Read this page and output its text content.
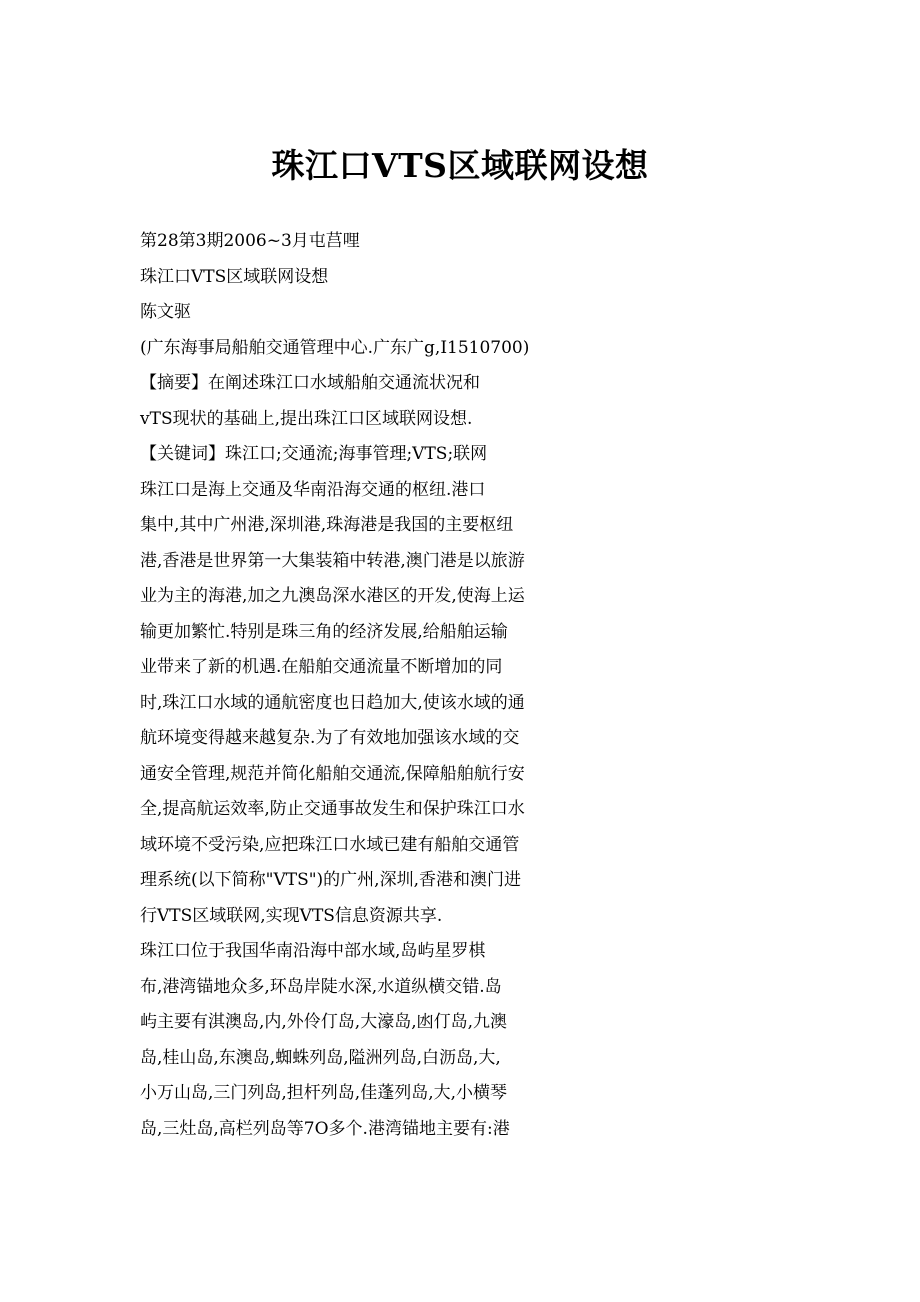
珠江口VTS区域联网设想
第28第3期2006~3月屯莒哩
珠江口VTS区域联网设想
陈文驱
(广东海事局船舶交通管理中心.广东广g,I1510700)
【摘要】在阐述珠江口水域船舶交通流状况和
vTS现状的基础上,提出珠江口区域联网设想.
【关键词】珠江口;交通流;海事管理;VTS;联网
珠江口是海上交通及华南沿海交通的枢纽.港口
集中,其中广州港,深圳港,珠海港是我国的主要枢纽
港,香港是世界第一大集装箱中转港,澳门港是以旅游
业为主的海港,加之九澳岛深水港区的开发,使海上运
输更加繁忙.特别是珠三角的经济发展,给船舶运输
业带来了新的机遇.在船舶交通流量不断增加的同
时,珠江口水域的通航密度也日趋加大,使该水域的通
航环境变得越来越复杂.为了有效地加强该水域的交
通安全管理,规范并简化船舶交通流,保障船舶航行安
全,提高航运效率,防止交通事故发生和保护珠江口水
域环境不受污染,应把珠江口水域已建有船舶交通管
理系统(以下简称"VTS")的广州,深圳,香港和澳门进
行VTS区域联网,实现VTS信息资源共享.
珠江口位于我国华南沿海中部水域,岛屿星罗棋
布,港湾锚地众多,环岛岸陡水深,水道纵横交错.岛
屿主要有淇澳岛,内,外伶仃岛,大濠岛,凼仃岛,九澳
岛,桂山岛,东澳岛,蜘蛛列岛,隘洲列岛,白沥岛,大,
小万山岛,三门列岛,担杆列岛,佳蓬列岛,大,小横琴
岛,三灶岛,高栏列岛等7O多个.港湾锚地主要有:港
